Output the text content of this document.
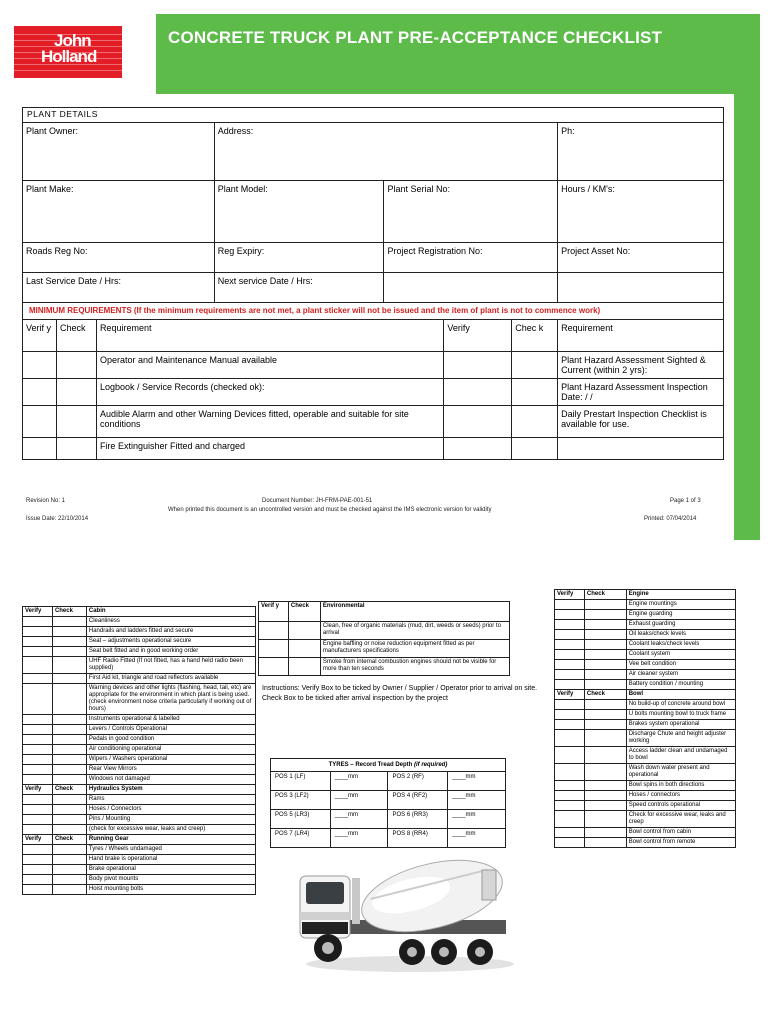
John
Holland
CONCRETE TRUCK PLANT PRE-ACCEPTANCE CHECKLIST
PLANT DETAILS							
Plant Owner:			Address:				Ph:
Plant Make:			Plant Model:	Plant Serial No:			Hours / KM's:
Roads Reg No:			Reg Expiry:	Project Registration No:			Project Asset No:
Last Service Date / Hrs:			Next service Date / Hrs:				
MINIMUM REQUIREMENTS (If the minimum requirements are not met, a plant sticker will not be issued and the item of plant is not to commence work)							
Verif y	Check	Requirement			Verify	Chec k	Requirement
		Operator and Maintenance Manual available					Plant Hazard Assessment Sighted & Current (within 2 yrs):
		Logbook / Service Records (checked ok):					Plant Hazard Assessment Inspection Date: / /
		Audible Alarm and other Warning Devices fitted, operable and suitable for site conditions					Daily Prestart Inspection Checklist is available for use.
		Fire Extinguisher Fitted and charged					
Revision No: 1	Document Number: JH-FRM-PAE-001-51	Page 1 of 3
When printed this document is an uncontrolled version and must be checked against the IMS electronic version for validity
Issue Date: 22/10/2014	Printed: 07/04/2014
Verify	Check	Cabin
		Cleanliness
		Handrails and ladders fitted and secure
		Seat – adjustments operational secure
		Seat belt fitted and in good working order
		UHF Radio Fitted (If not fitted, has a hand held radio been supplied)
		First Aid kit, triangle and road reflectors available
		Warning devices and other lights (flashing, head, tail, etc) are appropriate for the environment in which plant is being used. (check environment noise criteria particularly if working out of hours)
		Instruments operational & labelled
		Levers / Controls Operational
		Pedals in good condition
		Air conditioning operational
		Wipers / Washers operational
		Rear View Mirrors
		Windows not damaged
Verify	Check	Hydraulics System
		Rams
		Hoses / Connectors
		Pins / Mounting
		(check for excessive wear, leaks and creep)
Verify	Check	Running Gear
		Tyres / Wheels undamaged
		Hand brake is operational
		Brake operational
		Body pivot mounts
		Hoist mounting bolts
Verif y	Check	Environmental
		Clean, free of organic materials (mud, dirt, weeds or seeds) prior to arrival
		Engine baffling or noise reduction equipment fitted as per manufacturers specifications
		Smoke from internal combustion engines should not be visible for more than ten seconds
Instructions: Verify Box to be ticked by Owner / Supplier / Operator prior to arrival on site. Check Box to be ticked after arrival inspection by the project
TYRES – Record Tread Depth (if required)			
POS 1 (LF)	____mm	POS 2 (RF)	____mm
POS 3 (LF2)	____mm	POS 4 (RF2)	____mm
POS 5 (LR3)	____mm	POS 6 (RR3)	____mm
POS 7 (LR4)	____mm	POS 8 (RR4)	____mm
Verify	Check	Engine
		Engine mountings
		Engine guarding
		Exhaust guarding
		Oil leaks/check levels
		Coolant leaks/check levels
		Coolant system
		Vee belt condition
		Air cleaner system
		Battery condition / mounting
Verify	Check	Bowl
		No build-up of concrete around bowl
		U bolts mounting bowl to truck frame
		Brakes system operational
		Discharge Chute and height adjuster working
		Access ladder clean and undamaged to bowl
		Wash down water present and operational
		Bowl spins in both directions
		Hoses / connectors
		Speed controls operational
		Check for excessive wear, leaks and creep
		Bowl control from cabin
		Bowl control from remote
